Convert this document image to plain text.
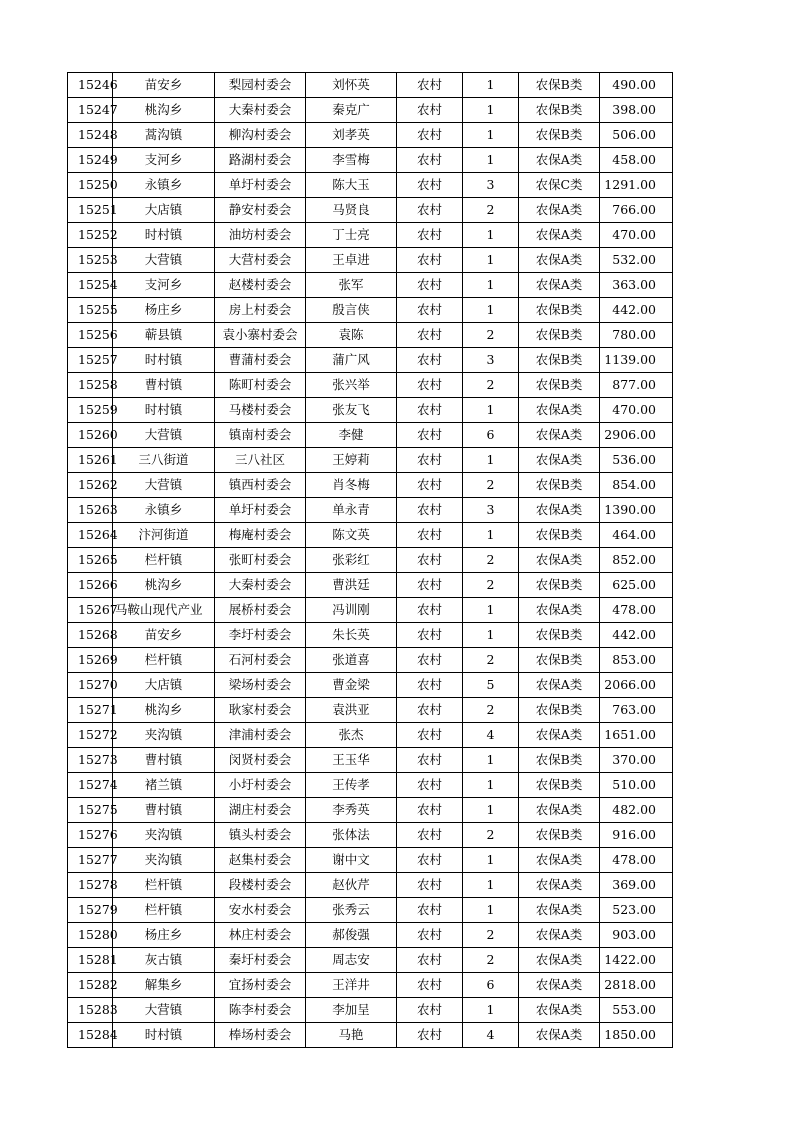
15246	苗安乡	梨园村委会	刘怀英	农村	1	农保B类	490.00
15247	桃沟乡	大秦村委会	秦克广	农村	1	农保B类	398.00
15248	蒿沟镇	柳沟村委会	刘孝英	农村	1	农保B类	506.00
15249	支河乡	路湖村委会	李雪梅	农村	1	农保A类	458.00
15250	永镇乡	单圩村委会	陈大玉	农村	3	农保C类	1291.00
15251	大店镇	静安村委会	马贤良	农村	2	农保A类	766.00
15252	时村镇	油坊村委会	丁士亮	农村	1	农保A类	470.00
15253	大营镇	大营村委会	王卓进	农村	1	农保A类	532.00
15254	支河乡	赵楼村委会	张军	农村	1	农保A类	363.00
15255	杨庄乡	房上村委会	殷言侠	农村	1	农保B类	442.00
15256	蕲县镇	袁小寨村委会	袁陈	农村	2	农保B类	780.00
15257	时村镇	曹蒲村委会	蒲广风	农村	3	农保B类	1139.00
15258	曹村镇	陈町村委会	张兴举	农村	2	农保B类	877.00
15259	时村镇	马楼村委会	张友飞	农村	1	农保A类	470.00
15260	大营镇	镇南村委会	李健	农村	6	农保A类	2906.00
15261	三八街道	三八社区	王婷莉	农村	1	农保A类	536.00
15262	大营镇	镇西村委会	肖冬梅	农村	2	农保B类	854.00
15263	永镇乡	单圩村委会	单永青	农村	3	农保A类	1390.00
15264	汴河街道	梅庵村委会	陈文英	农村	1	农保B类	464.00
15265	栏杆镇	张町村委会	张彩红	农村	2	农保A类	852.00
15266	桃沟乡	大秦村委会	曹洪廷	农村	2	农保B类	625.00
15267	马鞍山现代产业	展桥村委会	冯训刚	农村	1	农保A类	478.00
15268	苗安乡	李圩村委会	朱长英	农村	1	农保B类	442.00
15269	栏杆镇	石河村委会	张道喜	农村	2	农保B类	853.00
15270	大店镇	梁场村委会	曹金梁	农村	5	农保A类	2066.00
15271	桃沟乡	耿家村委会	袁洪亚	农村	2	农保B类	763.00
15272	夹沟镇	津浦村委会	张杰	农村	4	农保A类	1651.00
15273	曹村镇	闵贤村委会	王玉华	农村	1	农保B类	370.00
15274	褚兰镇	小圩村委会	王传孝	农村	1	农保B类	510.00
15275	曹村镇	湖庄村委会	李秀英	农村	1	农保A类	482.00
15276	夹沟镇	镇头村委会	张体法	农村	2	农保B类	916.00
15277	夹沟镇	赵集村委会	谢中文	农村	1	农保A类	478.00
15278	栏杆镇	段楼村委会	赵伙芹	农村	1	农保A类	369.00
15279	栏杆镇	安水村委会	张秀云	农村	1	农保A类	523.00
15280	杨庄乡	林庄村委会	郝俊强	农村	2	农保A类	903.00
15281	灰古镇	秦圩村委会	周志安	农村	2	农保A类	1422.00
15282	解集乡	宜扬村委会	王洋井	农村	6	农保A类	2818.00
15283	大营镇	陈李村委会	李加呈	农村	1	农保A类	553.00
15284	时村镇	棒场村委会	马艳	农村	4	农保A类	1850.00
